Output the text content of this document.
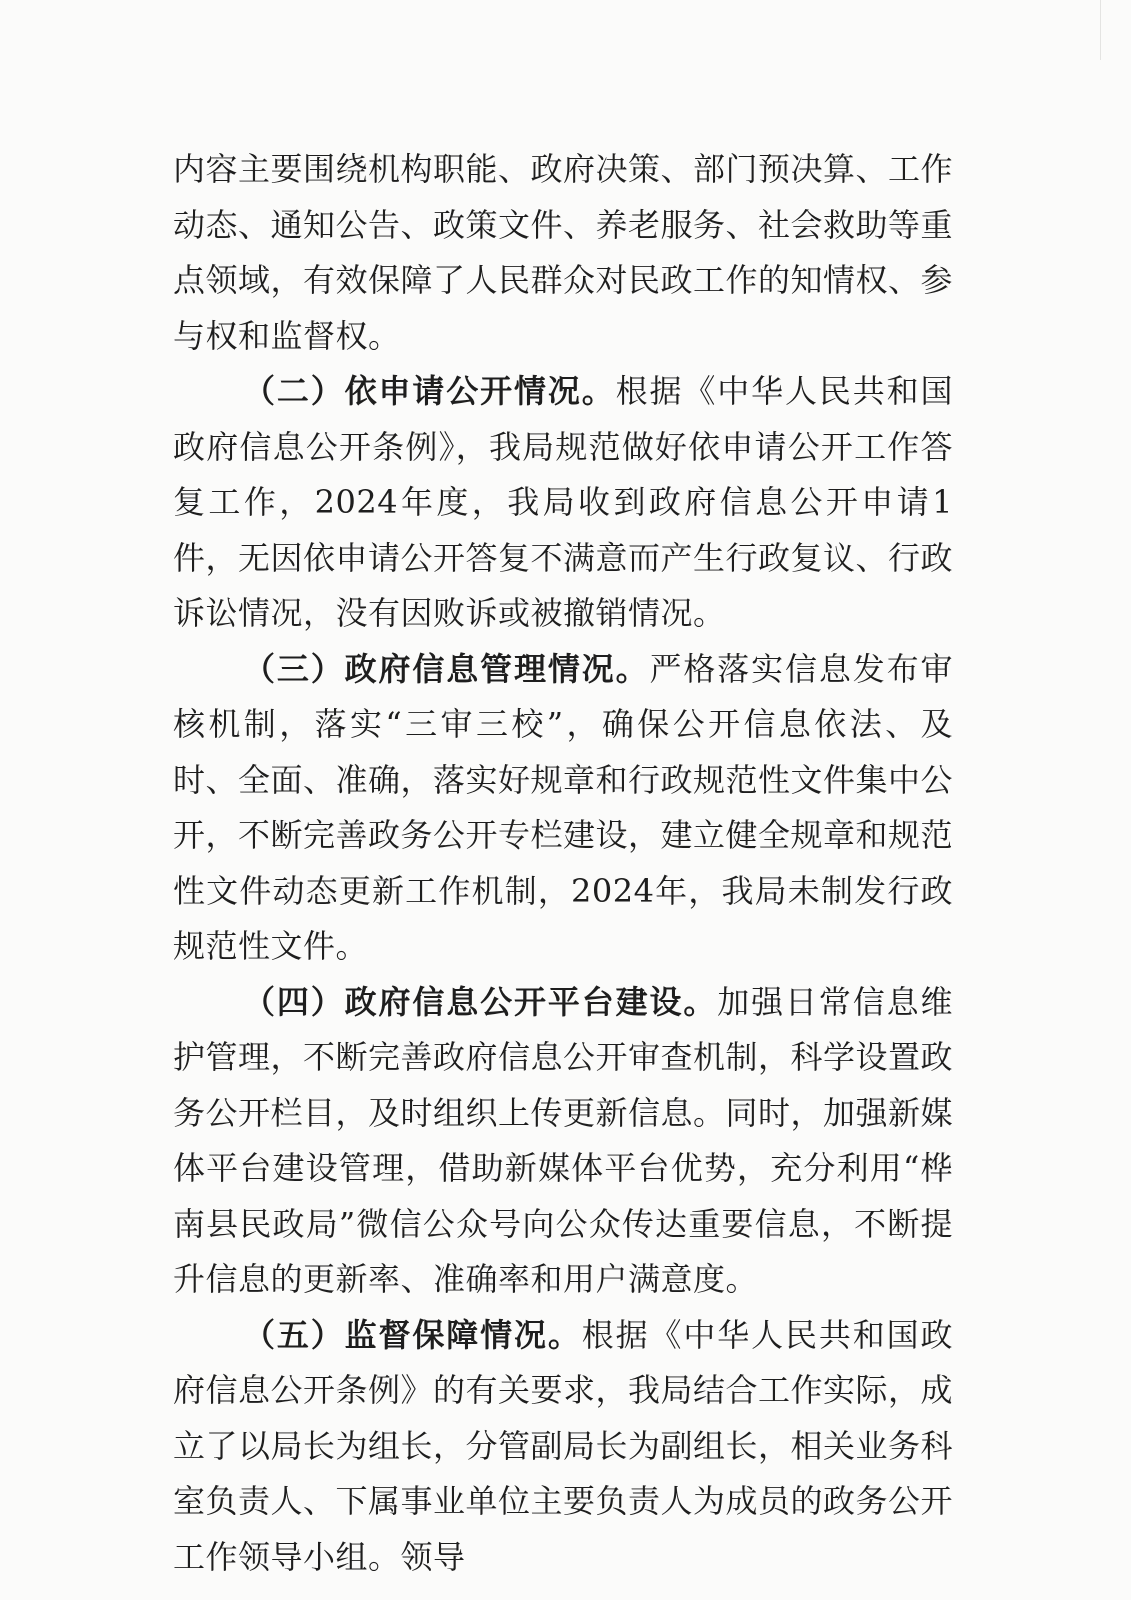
内容主要围绕机构职能、政府决策、部门预决算、工作动态、通知公告、政策文件、养老服务、社会救助等重点领域，有效保障了人民群众对民政工作的知情权、参与权和监督权。

（二）依申请公开情况。根据《中华人民共和国政府信息公开条例》，我局规范做好依申请公开工作答复工作，2024年度，我局收到政府信息公开申请1件，无因依申请公开答复不满意而产生行政复议、行政诉讼情况，没有因败诉或被撤销情况。

（三）政府信息管理情况。严格落实信息发布审核机制，落实“三审三校”，确保公开信息依法、及时、全面、准确，落实好规章和行政规范性文件集中公开，不断完善政务公开专栏建设，建立健全规章和规范性文件动态更新工作机制，2024年，我局未制发行政规范性文件。

（四）政府信息公开平台建设。加强日常信息维护管理，不断完善政府信息公开审查机制，科学设置政务公开栏目，及时组织上传更新信息。同时，加强新媒体平台建设管理，借助新媒体平台优势，充分利用“桦南县民政局”微信公众号向公众传达重要信息，不断提升信息的更新率、准确率和用户满意度。

（五）监督保障情况。根据《中华人民共和国政府信息公开条例》的有关要求，我局结合工作实际，成立了以局长为组长，分管副局长为副组长，相关业务科室负责人、下属事业单位主要负责人为成员的政务公开工作领导小组。领导
